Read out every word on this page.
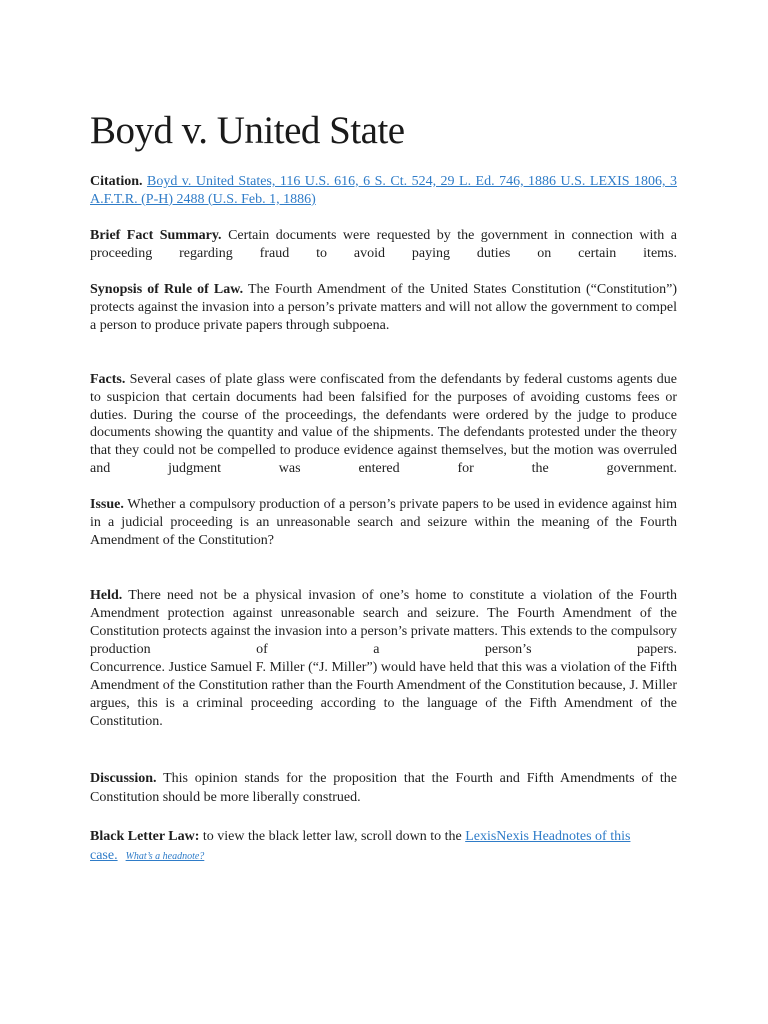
Boyd v. United State

Citation. Boyd v. United States, 116 U.S. 616, 6 S. Ct. 524, 29 L. Ed. 746, 1886 U.S. LEXIS 1806, 3 A.F.T.R. (P-H) 2488 (U.S. Feb. 1, 1886)

Brief Fact Summary. Certain documents were requested by the government in connection with a proceeding regarding fraud to avoid paying duties on certain items.

Synopsis of Rule of Law. The Fourth Amendment of the United States Constitution (“Constitution”) protects against the invasion into a person’s private matters and will not allow the government to compel a person to produce private papers through subpoena.

Facts. Several cases of plate glass were confiscated from the defendants by federal customs agents due to suspicion that certain documents had been falsified for the purposes of avoiding customs fees or duties. During the course of the proceedings, the defendants were ordered by the judge to produce documents showing the quantity and value of the shipments. The defendants protested under the theory that they could not be compelled to produce evidence against themselves, but the motion was overruled and judgment was entered for the government.

Issue. Whether a compulsory production of a person’s private papers to be used in evidence against him in a judicial proceeding is an unreasonable search and seizure within the meaning of the Fourth Amendment of the Constitution?

Held. There need not be a physical invasion of one’s home to constitute a violation of the Fourth Amendment protection against unreasonable search and seizure. The Fourth Amendment of the Constitution protects against the invasion into a person’s private matters. This extends to the compulsory production of a person’s papers.
Concurrence. Justice Samuel F. Miller (“J. Miller”) would have held that this was a violation of the Fifth Amendment of the Constitution rather than the Fourth Amendment of the Constitution because, J. Miller argues, this is a criminal proceeding according to the language of the Fifth Amendment of the Constitution.

Discussion. This opinion stands for the proposition that the Fourth and Fifth Amendments of the Constitution should be more liberally construed.

Black Letter Law: to view the black letter law, scroll down to the LexisNexis Headnotes of this case. What’s a headnote?
